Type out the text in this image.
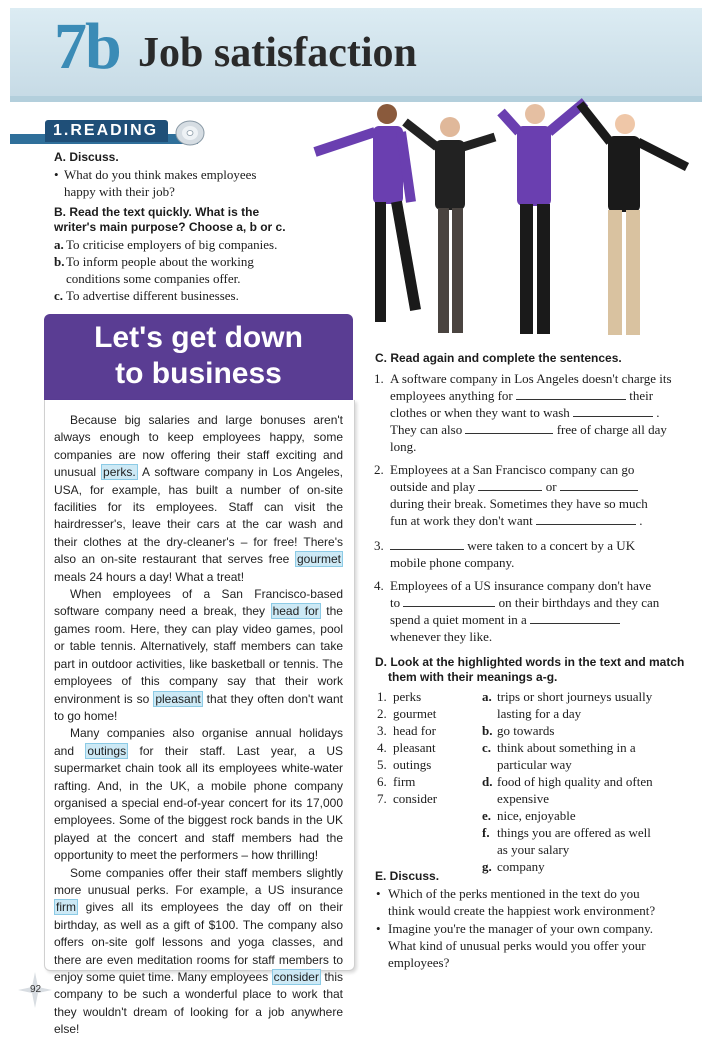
7b Job satisfaction
1.READING
A. Discuss.
• What do you think makes employees happy with their job?
B. Read the text quickly. What is the writer's main purpose? Choose a, b or c.
a. To criticise employers of big companies.
b. To inform people about the working conditions some companies offer.
c. To advertise different businesses.
Let's get down
to business

Because big salaries and large bonuses aren't always enough to keep employees happy, some companies are now offering their staff exciting and unusual perks. A software company in Los Angeles, USA, for example, has built a number of on-site facilities for its employees. Staff can visit the hairdresser's, leave their cars at the car wash and their clothes at the dry-cleaner's – for free! There's also an on-site restaurant that serves free gourmet meals 24 hours a day! What a treat!

When employees of a San Francisco-based software company need a break, they head for the games room. Here, they can play video games, pool or table tennis. Alternatively, staff members can take part in outdoor activities, like basketball or tennis. The employees of this company say that their work environment is so pleasant that they often don't want to go home!

Many companies also organise annual holidays and outings for their staff. Last year, a US supermarket chain took all its employees white-water rafting. And, in the UK, a mobile phone company organised a special end-of-year concert for its 17,000 employees. Some of the biggest rock bands in the UK played at the concert and staff members had the opportunity to meet the performers – how thrilling!

Some companies offer their staff members slightly more unusual perks. For example, a US insurance firm gives all its employees the day off on their birthday, as well as a gift of $100. The company also offers on-site golf lessons and yoga classes, and there are even meditation rooms for staff members to enjoy some quiet time. Many employees consider this company to be such a wonderful place to work that they wouldn't dream of looking for a job anywhere else!

C. Read again and complete the sentences.
1. A software company in Los Angeles doesn't charge its
employees anything for	their
clothes or when they want to wash	.
They can also	free of charge all day
long.
2. Employees at a San Francisco company can go
outside and play	or
during their break. Sometimes they have so much
fun at work they don't want	.
3.	were taken to a concert by a UK
mobile phone company.
4. Employees of a US insurance company don't have
to	on their birthdays and they can
spend a quiet moment in a
whenever they like.
D. Look at the highlighted words in the text and match
them with their meanings a-g.
1. perks
2. gourmet
3. head for
4. pleasant
5. outings
6. firm
7. consider
a. trips or short journeys usually
lasting for a day
b. go towards
c. think about something in a
particular way
d. food of high quality and often
expensive
e. nice, enjoyable
f. things you are offered as well
as your salary
g. company
E. Discuss.
• Which of the perks mentioned in the text do you
think would create the happiest work environment?
• Imagine you're the manager of your own company.
What kind of unusual perks would you offer your
employees?
92
